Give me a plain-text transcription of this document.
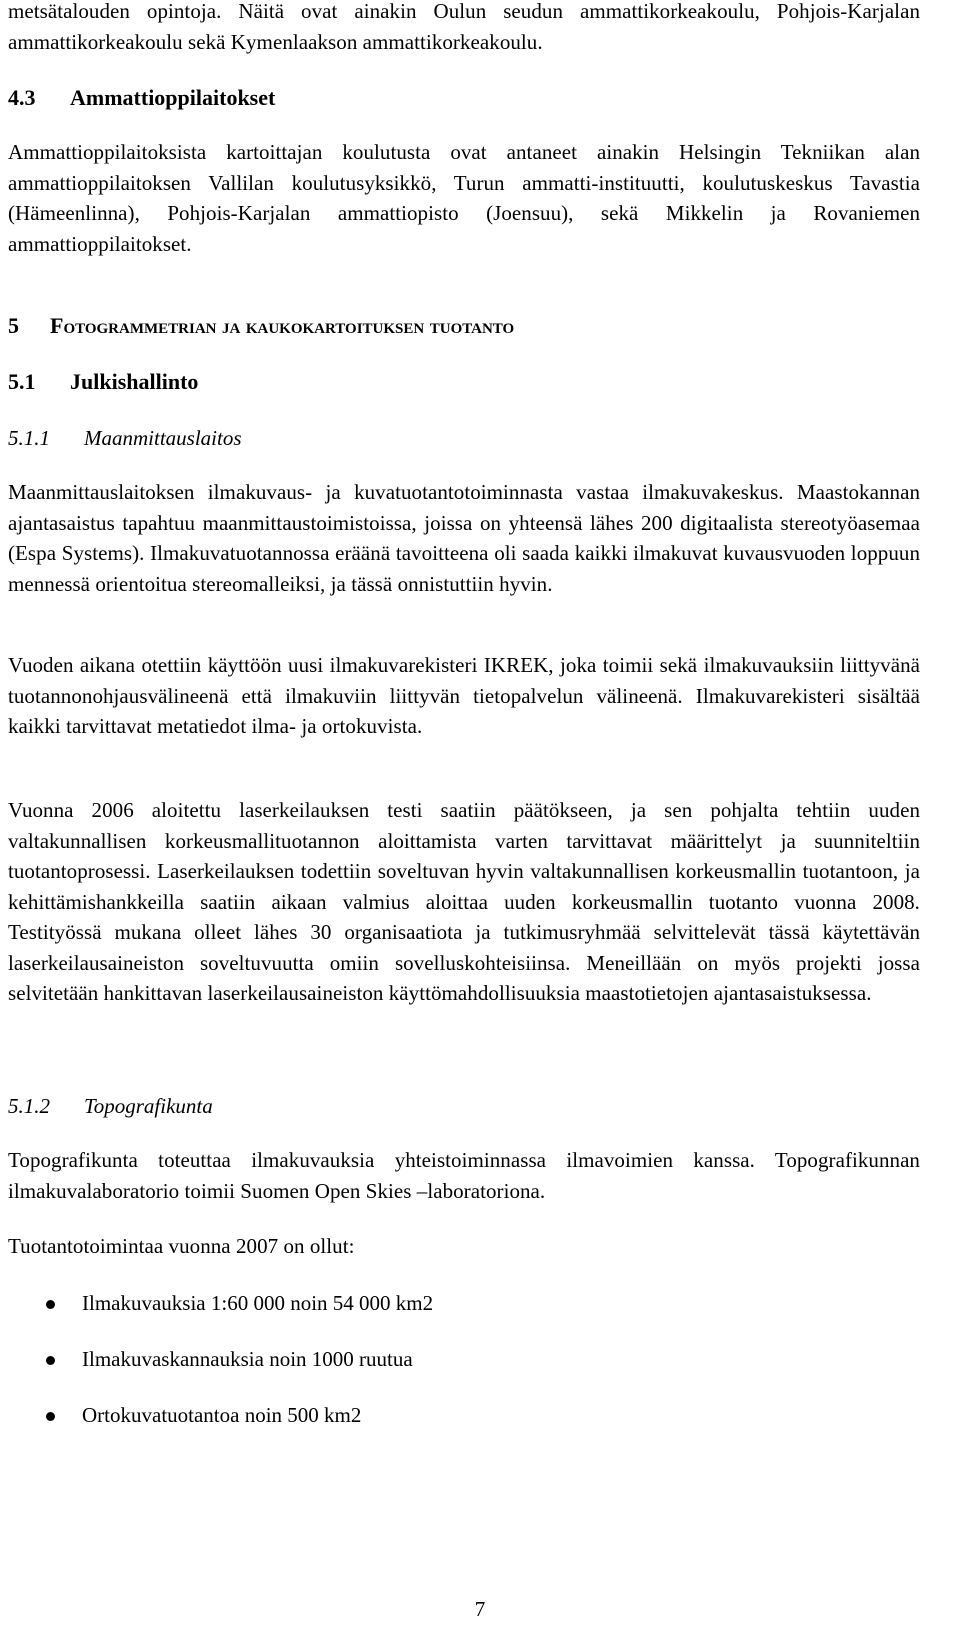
metsätalouden opintoja. Näitä ovat ainakin Oulun seudun ammattikorkeakoulu, Pohjois-Karjalan ammattikorkeakoulu sekä Kymenlaakson ammattikorkeakoulu.

4.3 Ammattioppilaitokset

Ammattioppilaitoksista kartoittajan koulutusta ovat antaneet ainakin Helsingin Tekniikan alan ammattioppilaitoksen Vallilan koulutusyksikkö, Turun ammatti-instituutti, koulutuskeskus Tavastia (Hämeenlinna), Pohjois-Karjalan ammattiopisto (Joensuu), sekä Mikkelin ja Rovaniemen ammattioppilaitokset.

5 Fotogrammetrian ja kaukokartoituksen tuotanto
5.1 Julkishallinto
5.1.1 Maanmittauslaitos

Maanmittauslaitoksen ilmakuvaus- ja kuvatuotantotoiminnasta vastaa ilmakuvakeskus. Maastokannan ajantasaistus tapahtuu maanmittaustoimistoissa, joissa on yhteensä lähes 200 digitaalista stereotyöasemaa (Espa Systems). Ilmakuvatuotannossa eräänä tavoitteena oli saada kaikki ilmakuvat kuvausvuoden loppuun mennessä orientoitua stereomalleiksi, ja tässä onnistuttiin hyvin.

Vuoden aikana otettiin käyttöön uusi ilmakuvarekisteri IKREK, joka toimii sekä ilmakuvauksiin liittyvänä tuotannonohjausvälineenä että ilmakuviin liittyvän tietopalvelun välineenä. Ilmakuvarekisteri sisältää kaikki tarvittavat metatiedot ilma- ja ortokuvista.

Vuonna 2006 aloitettu laserkeilauksen testi saatiin päätökseen, ja sen pohjalta tehtiin uuden valtakunnallisen korkeusmallituotannon aloittamista varten tarvittavat määrittelyt ja suunniteltiin tuotantoprosessi. Laserkeilauksen todettiin soveltuvan hyvin valtakunnallisen korkeusmallin tuotantoon, ja kehittämishankkeilla saatiin aikaan valmius aloittaa uuden korkeusmallin tuotanto vuonna 2008. Testityössä mukana olleet lähes 30 organisaatiota ja tutkimusryhmää selvittelevät tässä käytettävän laserkeilausaineiston soveltuvuutta omiin sovelluskohteisiinsa. Meneillään on myös projekti jossa selvitetään hankittavan laserkeilausaineiston käyttömahdollisuuksia maastotietojen ajantasaistuksessa.

5.1.2 Topografikunta

Topografikunta toteuttaa ilmakuvauksia yhteistoiminnassa ilmavoimien kanssa. Topografikunnan ilmakuvalaboratorio toimii Suomen Open Skies –laboratoriona.

Tuotantotoimintaa vuonna 2007 on ollut:

Ilmakuvauksia 1:60 000 noin 54 000 km2
Ilmakuvaskannauksia noin 1000 ruutua
Ortokuvatuotantoa noin 500 km2
7
